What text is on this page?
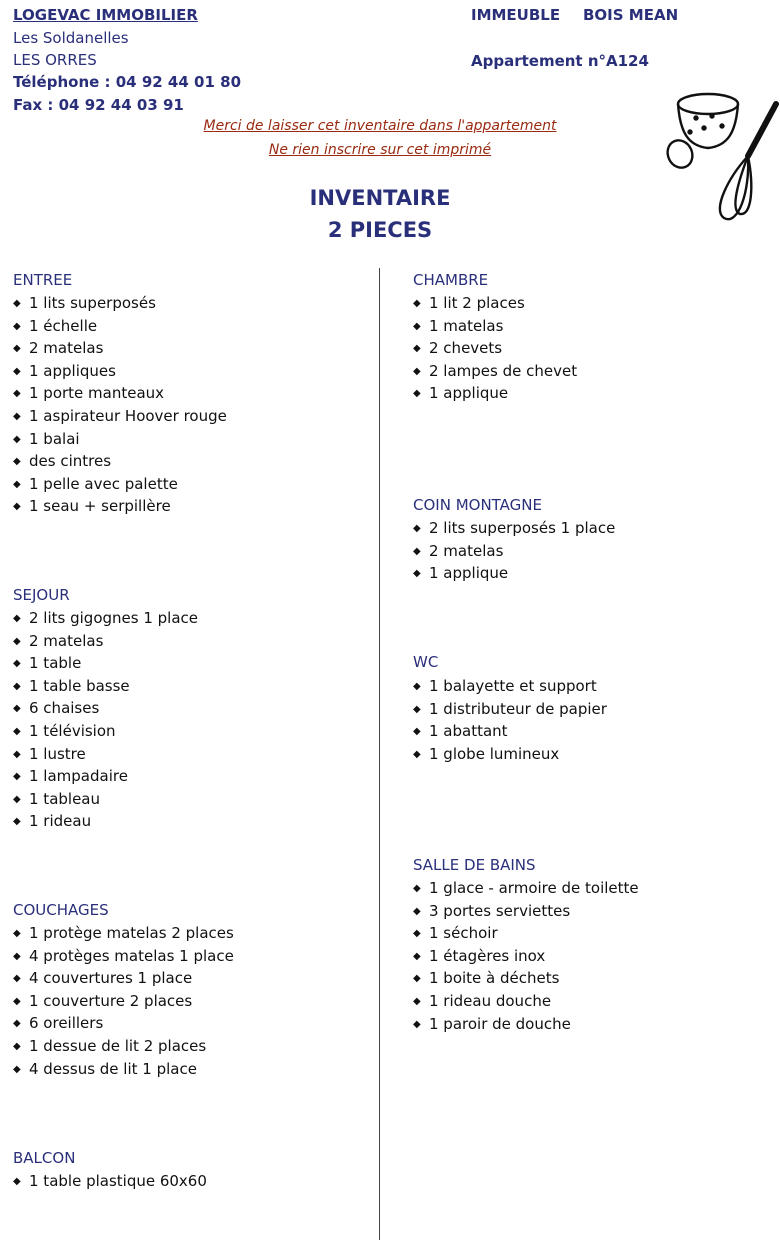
LOGEVAC IMMOBILIER
Les Soldanelles
LES ORRES
Téléphone : 04 92 44 01 80
Fax : 04 92 44 03 91
IMMEUBLE BOIS MEAN
Appartement n°A124
Merci de laisser cet inventaire dans l'appartement
Ne rien inscrire sur cet imprimé
INVENTAIRE
2 PIECES
ENTREE
◆ 1 lits superposés
◆ 1 échelle
◆ 2 matelas
◆ 1 appliques
◆ 1 porte manteaux
◆ 1 aspirateur Hoover rouge
◆ 1 balai
◆ des cintres
◆ 1 pelle avec palette
◆ 1 seau + serpillère
SEJOUR
◆ 2 lits gigognes 1 place
◆ 2 matelas
◆ 1 table
◆ 1 table basse
◆ 6 chaises
◆ 1 télévision
◆ 1 lustre
◆ 1 lampadaire
◆ 1 tableau
◆ 1 rideau
COUCHAGES
◆ 1 protège matelas 2 places
◆ 4 protèges matelas 1 place
◆ 4 couvertures 1 place
◆ 1 couverture 2 places
◆ 6 oreillers
◆ 1 dessue de lit 2 places
◆ 4 dessus de lit 1 place
BALCON
◆ 1 table plastique 60x60
CHAMBRE
◆ 1 lit 2 places
◆ 1 matelas
◆ 2 chevets
◆ 2 lampes de chevet
◆ 1 applique
COIN MONTAGNE
◆ 2 lits superposés 1 place
◆ 2 matelas
◆ 1 applique
WC
◆ 1 balayette et support
◆ 1 distributeur de papier
◆ 1 abattant
◆ 1 globe lumineux
SALLE DE BAINS
◆ 1 glace - armoire de toilette
◆ 3 portes serviettes
◆ 1 séchoir
◆ 1 étagères inox
◆ 1 boite à déchets
◆ 1 rideau douche
◆ 1 paroir de douche
